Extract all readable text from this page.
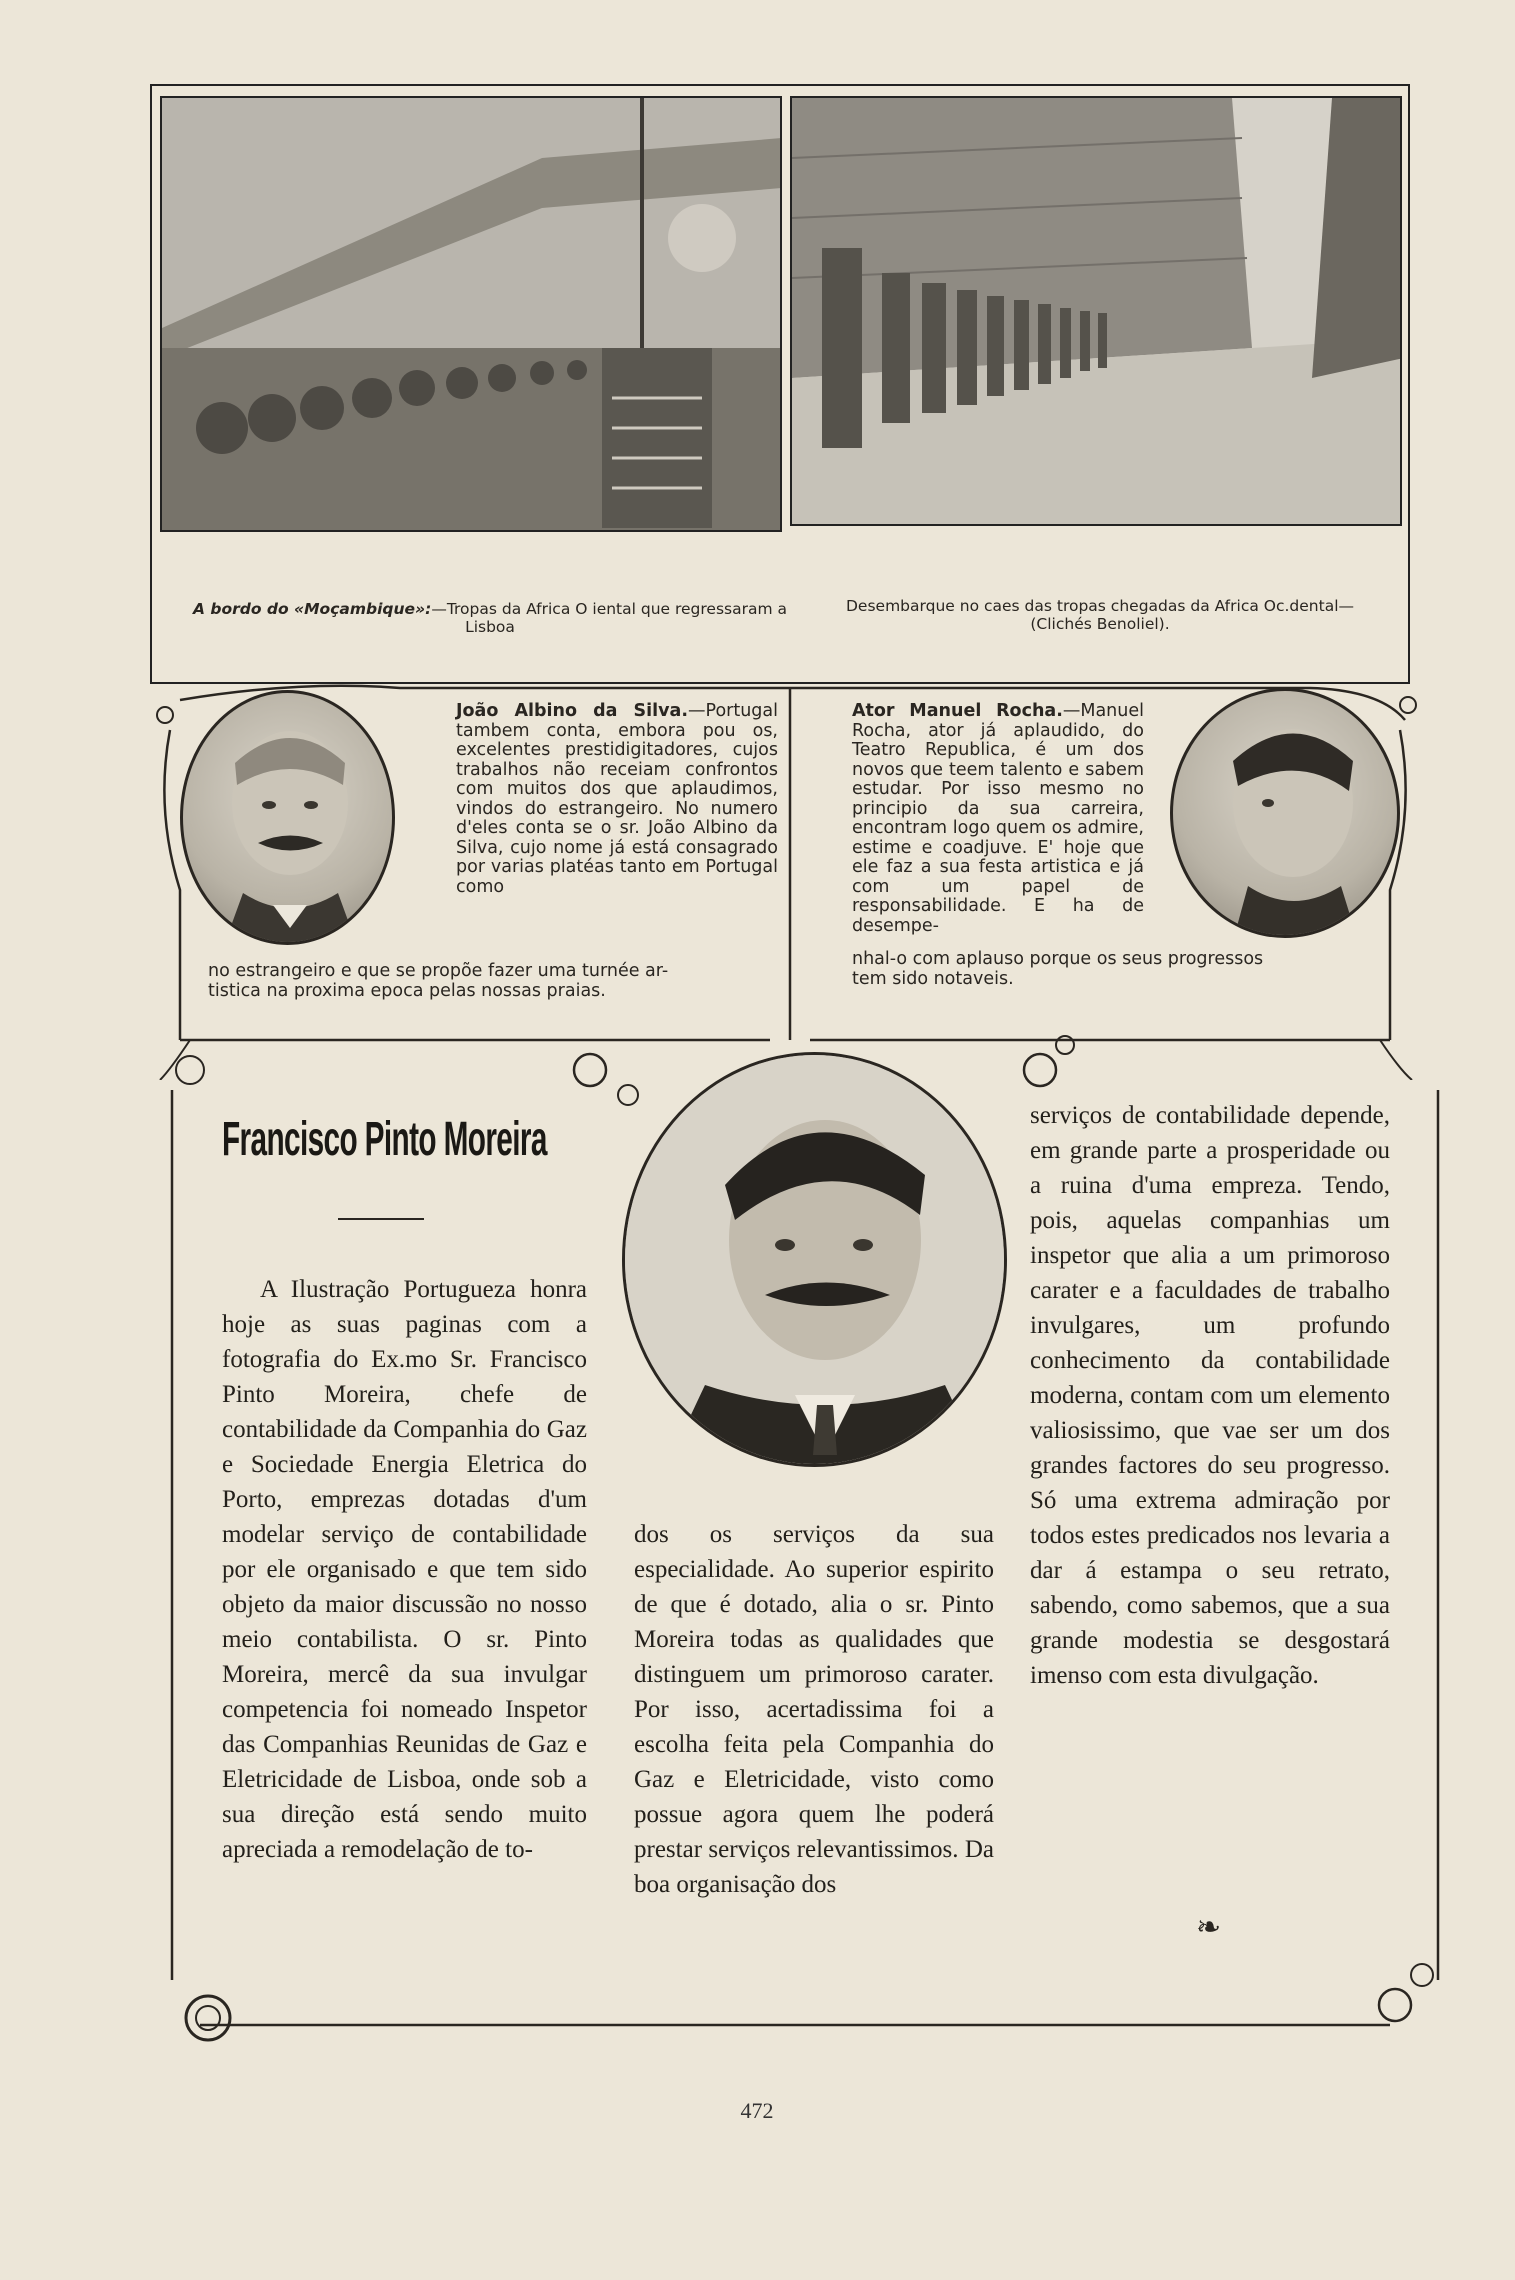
A bordo do «Moçambique»:—Tropas da Africa O iental que regressaram a Lisboa
Desembarque no caes das tropas chegadas da Africa Oc.dental—(Clichés Benoliel).
João Albino da Silva.—Portugal tambem conta, embora pou os, excelentes prestidigitadores, cujos trabalhos não receiam confrontos com muitos dos que aplaudimos, vindos do estrangeiro. No numero d'eles conta se o sr. João Albino da Silva, cujo nome já está consagrado por varias platéas tanto em Portugal como
no estrangeiro e que se propõe fazer uma turnée ar-
tistica na proxima epoca pelas nossas praias.
Ator Manuel Rocha.—Manuel Rocha, ator já aplaudido, do Teatro Republica, é um dos novos que teem talento e sabem estudar. Por isso mesmo no principio da sua carreira, encontram logo quem os admire, estime e coadjuve. E' hoje que ele faz a sua festa artistica e já com um papel de responsabilidade. E ha de desempe-
nhal-o com aplauso porque os seus progressos
tem sido notaveis.
Francisco Pinto Moreira
A Ilustração Portugueza honra hoje as suas paginas com a fotografia do Ex.mo Sr. Francisco Pinto Moreira, chefe de contabilidade da Companhia do Gaz e Sociedade Energia Eletrica do Porto, emprezas dotadas d'um modelar serviço de contabilidade por ele organisado e que tem sido objeto da maior discussão no nosso meio contabilista. O sr. Pinto Moreira, mercê da sua invulgar competencia foi nomeado Inspetor das Companhias Reunidas de Gaz e Eletricidade de Lisboa, onde sob a sua direção está sendo muito apreciada a remodelação de to-
dos os serviços da sua especialidade. Ao superior espirito de que é dotado, alia o sr. Pinto Moreira todas as qualidades que distinguem um primoroso carater. Por isso, acertadissima foi a escolha feita pela Companhia do Gaz e Eletricidade, visto como possue agora quem lhe poderá prestar serviços relevantissimos. Da boa organisação dos
serviços de contabilidade depende, em grande parte a prosperidade ou a ruina d'uma empreza. Tendo, pois, aquelas companhias um inspetor que alia a um primoroso carater e a faculdades de trabalho invulgares, um profundo conhecimento da contabilidade moderna, contam com um elemento valiosissimo, que vae ser um dos grandes factores do seu progresso. Só uma extrema admiração por todos estes predicados nos levaria a dar á estampa o seu retrato, sabendo, como sabemos, que a sua grande modestia se desgostará imenso com esta divulgação.
❧
472
